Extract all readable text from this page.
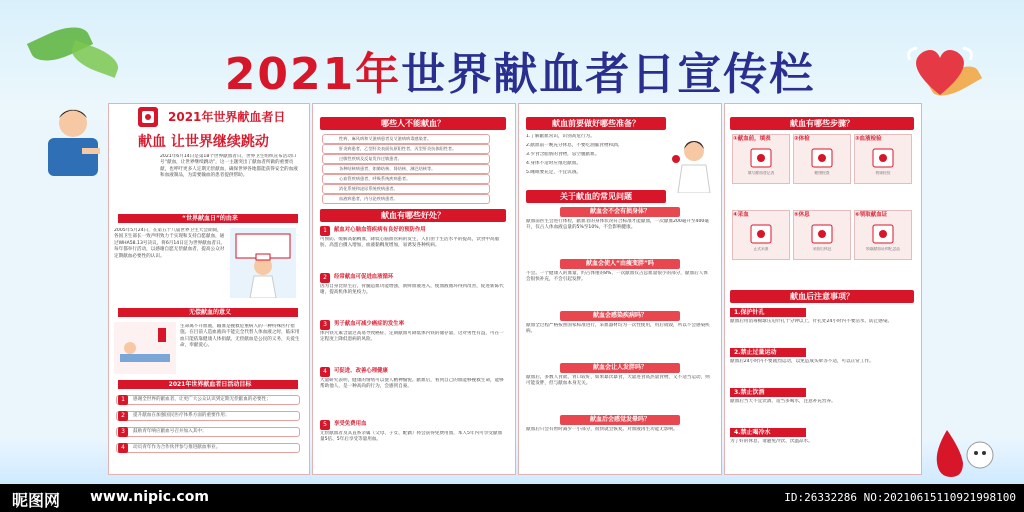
2021年世界献血者日宣传栏
2021年世界献血者日
献血 让世界继续跳动
2021年6月14日是第18个世界献血者日，世界卫生组织宣布活动口号“献血，让世界继续跳动”，这一主题突出了献血者所做的重要贡献，也呼吁更多人定期无偿献血，确保世界各地都能获得安全的血液和血液制品，为需要输血的患者提供帮助。
“世界献血日”的由来
2005年5月24日，在第五十八届世界卫生大会期间，各国卫生部长一致声明致力于实现和支持自愿献血，通过WHA58.13号决议，将6月14日定为世界献血者日。每年都举行活动，以感谢自愿无偿献血者，提高公众对定期献血必要性的认识。
无偿献血的意义
生命离不开血液，输血是挽救危重病人的一种特殊医疗措施。在目前人造血液尚不能完全代替人体血液之时，临床用血只能依靠健康人体捐献。无偿献血是公民的义务，关爱生命，奉献爱心。
2021年世界献血者日活动目标
1	感谢全世界的献血者，让更广大公众认识到定期无偿献血的必要性；
2	提升献血在加强国民医疗体系方面的重要作用；
3	鼓励青年响应献血号召并加入其中；
4	动员青年作为合作伙伴参与推进献血事业。
哪些人不能献血？
献血有哪些好处？
献血前要做好哪些准备？
关于献血的常见问题
献血有哪些步骤？
献血后注意事项？
昵图网 www.nipic.com	ID:26332286 NO:20210615110921998100
性病、麻风病和艾滋病患者及艾滋病病毒感染者。
肝炎病患者，乙型肝炎表面抗原阳性者，丙型肝炎抗体阳性者。
过敏性疾病及反复发作过敏患者。
各种结核病患者，如肺结核、肾结核、淋巴结核等。
心血管疾病患者，呼吸系统疾病患者。
消化系统和泌尿系统疾病患者。
血液病患者，内分泌疾病患者。
1	献血对心脑血管疾病有良好的预防作用
可预防、缓解高黏稠血，降低心脑血管病的发生，人们由于生活水平的提高，饮食中高脂肪、高蛋白摄入增加，血液黏稠度增加，易诱发各种疾病。
2	经常献血可促进血液循环
因为自身比原生后，骨髓造血功能增强，新鲜血液进入，使血液循环得到改善，促进新陈代谢，提高机体的免疫力。
3	男子献血可减少癌症的发生率
体内铁元素含量过高易导致癌症，定期献血可降低体内铁的储存量，这对男性有益，可在一定程度上降低患病的风险。
4	可促进、改善心理健康
大量研究表明，健康的情绪可以使人精神愉悦。献血后，看到自己的血能够挽救生命，能够帮助他人，是一种高尚的行为，会感到自豪。
5	享受免费用血
无偿献血者及其直系亲属（父母、子女、配偶）将会获得免费用血，本人5年内可享受献血量5倍、5年后享受等量用血。
1.了解献血常识，识别高危行为。
2.献血前一晚充分休息，不要吃油腻食物和酒。
3.少食含脂肪的食物，忌空腹献血。
4.身体不适时应推迟献血。
5.睡眠要充足，不宜饥饿。
献血会不会有损身体？
献血前医生会进行体检，献血者的身体状况符合标准才能献血，一次献血200毫升至400毫升，仅占人体血液总量的5%至10%，不会影响健康。
献血会使人“由瘦变胖”吗
不会。一个健康人的血量，约占体重的8%，一次献血仅占总血量很小的部分，献血后人体会很快补充，不会引起发胖。
献血会感染疾病吗？
献血全过程严格按照国家标准进行，采血器材均为一次性使用，用后销毁，所以不会感染疾病。
献血会让人发胖吗？
献血后，多数人食欲、胃口较好，如果暴饮暴食，大量进食高热量食物，又不适当运动，则可能发胖，但与献血本身无关。
献血后会感觉发晕吗？
献血后只会有暂时减少一小部分，很快就会恢复。对血液再生功能无影响。
①献血前，填表
填写献血登记表
②体检
健康检查
③血液检验
初筛检验
④采血
正式采血
⑤休息
采血后休息
⑥领取献血证
领取献血证和纪念品
1.保护针孔
献血后用消毒棉球压迫针孔十分钟以上，针孔处24小时内不要沾水，防止感染。
2.禁止过量运动
献血后24小时内不要剧烈运动，以免造成头晕等不适，可以正常工作。
3.禁止饮酒
献血后当天不宜饮酒，适当多喝水，注意补充营养。
4.禁止喝冷水
为了好的休息，请避免冷饮、饮温凉水。
